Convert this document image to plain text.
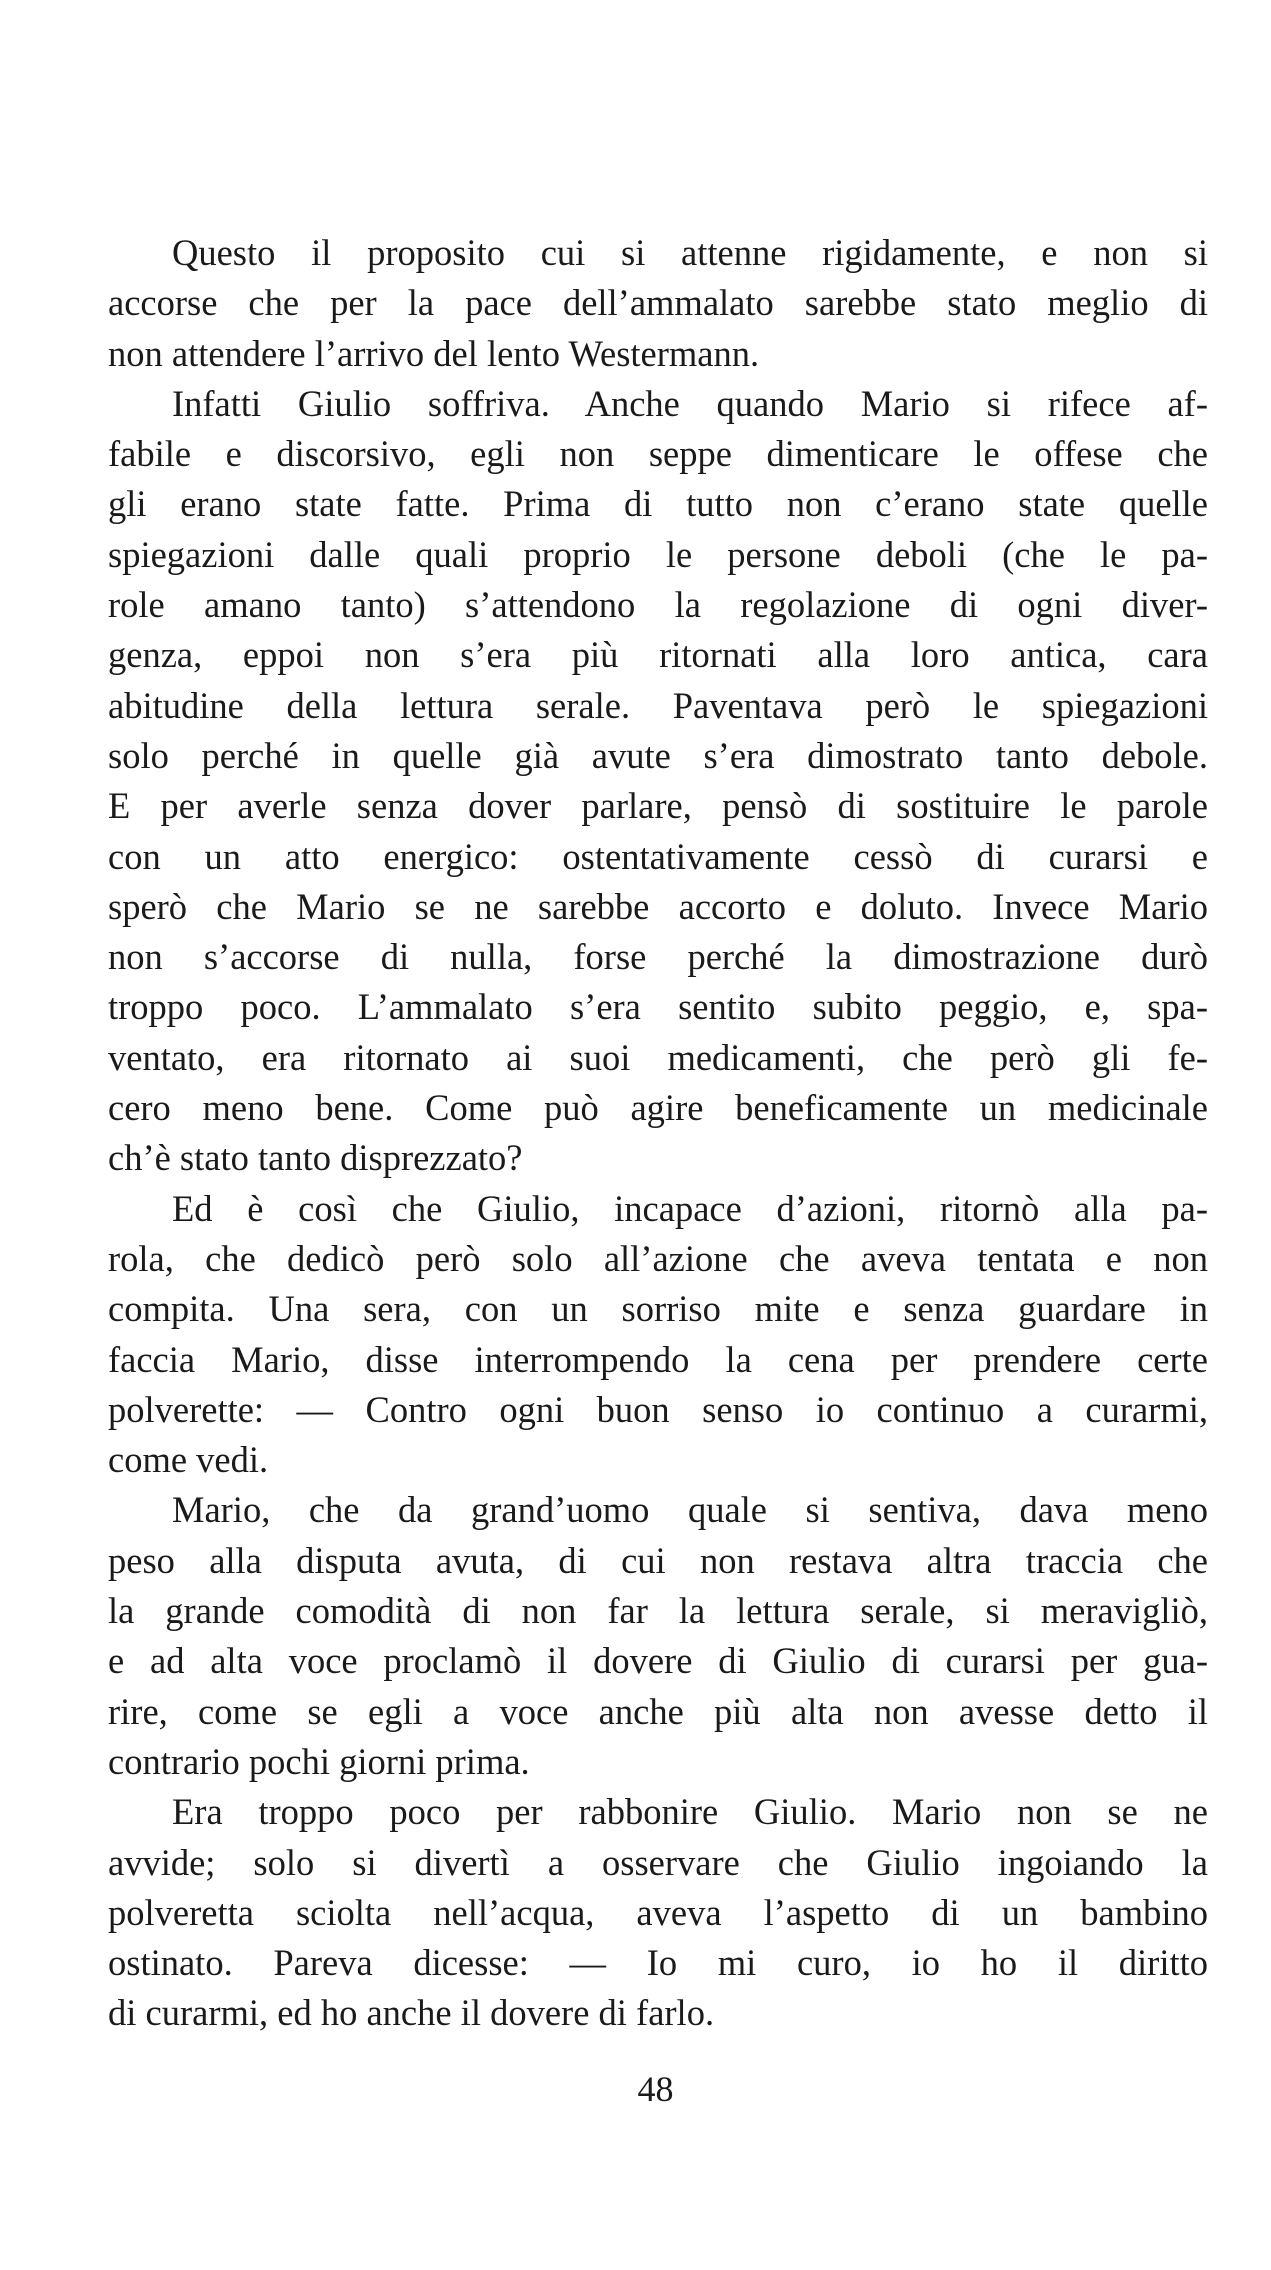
Questo il proposito cui si attenne rigidamente, e non si
accorse che per la pace dell’ammalato sarebbe stato meglio di
non attendere l’arrivo del lento Westermann.
Infatti Giulio soffriva. Anche quando Mario si rifece af-
fabile e discorsivo, egli non seppe dimenticare le offese che
gli erano state fatte. Prima di tutto non c’erano state quelle
spiegazioni dalle quali proprio le persone deboli (che le pa-
role amano tanto) s’attendono la regolazione di ogni diver-
genza, eppoi non s’era più ritornati alla loro antica, cara
abitudine della lettura serale. Paventava però le spiegazioni
solo perché in quelle già avute s’era dimostrato tanto debole.
E per averle senza dover parlare, pensò di sostituire le parole
con un atto energico: ostentativamente cessò di curarsi e
sperò che Mario se ne sarebbe accorto e doluto. Invece Mario
non s’accorse di nulla, forse perché la dimostrazione durò
troppo poco. L’ammalato s’era sentito subito peggio, e, spa-
ventato, era ritornato ai suoi medicamenti, che però gli fe-
cero meno bene. Come può agire beneficamente un medicinale
ch’è stato tanto disprezzato?
Ed è così che Giulio, incapace d’azioni, ritornò alla pa-
rola, che dedicò però solo all’azione che aveva tentata e non
compita. Una sera, con un sorriso mite e senza guardare in
faccia Mario, disse interrompendo la cena per prendere certe
polverette: — Contro ogni buon senso io continuo a curarmi,
come vedi.
Mario, che da grand’uomo quale si sentiva, dava meno
peso alla disputa avuta, di cui non restava altra traccia che
la grande comodità di non far la lettura serale, si meravigliò,
e ad alta voce proclamò il dovere di Giulio di curarsi per gua-
rire, come se egli a voce anche più alta non avesse detto il
contrario pochi giorni prima.
Era troppo poco per rabbonire Giulio. Mario non se ne
avvide; solo si divertì a osservare che Giulio ingoiando la
polveretta sciolta nell’acqua, aveva l’aspetto di un bambino
ostinato. Pareva dicesse: — Io mi curo, io ho il diritto
di curarmi, ed ho anche il dovere di farlo.
48
